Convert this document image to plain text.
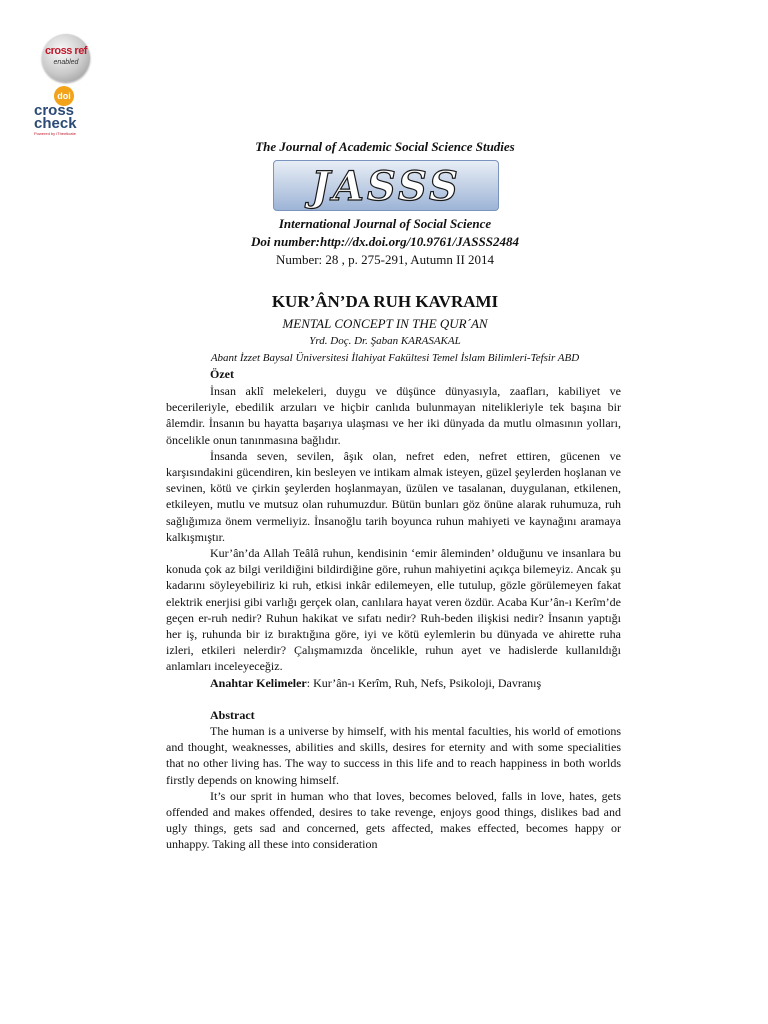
cross ref
enabled
doi
cross
check
Powered by iThenticate
The Journal of Academic Social Science Studies
JASSS
International Journal of Social Science
Doi number:http://dx.doi.org/10.9761/JASSS2484
Number: 28 , p. 275-291, Autumn II 2014
KUR’ÂN’DA RUH KAVRAMI
MENTAL CONCEPT IN THE QUR´AN
Yrd. Doç. Dr. Şaban KARASAKAL
Abant İzzet Baysal Üniversitesi İlahiyat Fakültesi Temel İslam Bilimleri-Tefsir ABD
Özet

İnsan aklî melekeleri, duygu ve düşünce dünyasıyla, zaafları, kabiliyet ve becerileriyle, ebedilik arzuları ve hiçbir canlıda bulunmayan nitelikleriyle tek başına bir âlemdir. İnsanın bu hayatta başarıya ulaşması ve her iki dünyada da mutlu olmasının yolları, öncelikle onun tanınmasına bağlıdır.

İnsanda seven, sevilen, âşık olan, nefret eden, nefret ettiren, gücenen ve karşısındakini gücendiren, kin besleyen ve intikam almak isteyen, güzel şeylerden hoşlanan ve sevinen, kötü ve çirkin şeylerden hoşlanmayan, üzülen ve tasalanan, duygulanan, etkilenen, etkileyen, mutlu ve mutsuz olan ruhumuzdur. Bütün bunları göz önüne alarak ruhumuza, ruh sağlığımıza önem vermeliyiz. İnsanoğlu tarih boyunca ruhun mahiyeti ve kaynağını aramaya kalkışmıştır.

Kur’ân’da Allah Teâlâ ruhun, kendisinin ‘emir âleminden’ olduğunu ve insanlara bu konuda çok az bilgi verildiğini bildirdiğine göre, ruhun mahiyetini açıkça bilemeyiz. Ancak şu kadarını söyleyebiliriz ki ruh, etkisi inkâr edilemeyen, elle tutulup, gözle görülemeyen fakat elektrik enerjisi gibi varlığı gerçek olan, canlılara hayat veren özdür. Acaba Kur’ân-ı Kerîm’de geçen er-ruh nedir? Ruhun hakikat ve sıfatı nedir? Ruh-beden ilişkisi nedir? İnsanın yaptığı her iş, ruhunda bir iz bıraktığına göre, iyi ve kötü eylemlerin bu dünyada ve ahirette ruha izleri, etkileri nelerdir? Çalışmamızda öncelikle, ruhun ayet ve hadislerde kullanıldığı anlamları inceleyeceğiz.

Anahtar Kelimeler: Kur’ân-ı Kerîm, Ruh, Nefs, Psikoloji, Davranış

Abstract

The human is a universe by himself, with his mental faculties, his world of emotions and thought, weaknesses, abilities and skills, desires for eternity and with some specialities that no other living has. The way to success in this life and to reach happiness in both worlds firstly depends on knowing himself.

It’s our sprit in human who that loves, becomes beloved, falls in love, hates, gets offended and makes offended, desires to take revenge, enjoys good things, dislikes bad and ugly things, gets sad and concerned, gets affected, makes effected, becomes happy or unhappy. Taking all these into consideration
